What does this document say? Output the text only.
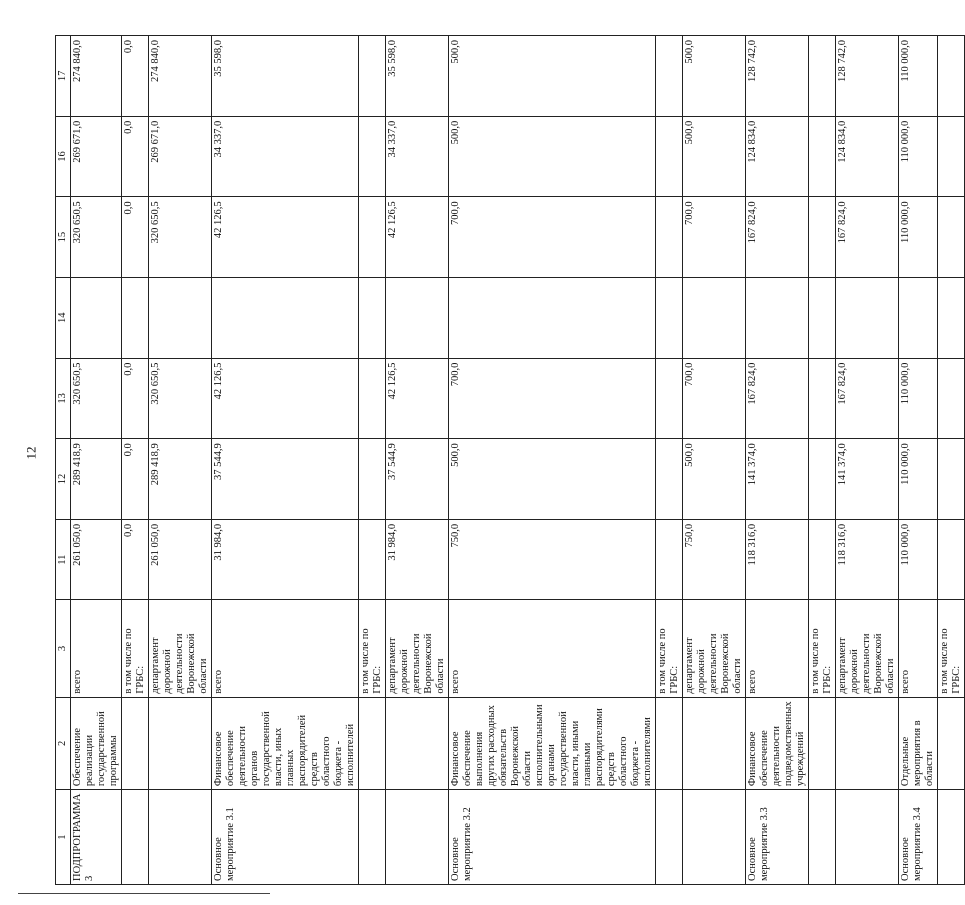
12
1	2	3	11	12	13	14	15	16	17
ПОДПРОГРАММА 3	Обеспечение реализации государственной программы	всего	261 050,0	289 418,9	320 650,5		320 650,5	269 671,0	274 840,0
		в том числе по ГРБС:	0,0	0,0	0,0		0,0	0,0	0,0
		департамент дорожной деятельности Воронежской области	261 050,0	289 418,9	320 650,5		320 650,5	269 671,0	274 840,0
Основное мероприятие 3.1	Финансовое обеспечение деятельности органов государственной власти, иных главных распорядителей средств областного бюджета - исполнителей	всего	31 984,0	37 544,9	42 126,5		42 126,5	34 337,0	35 598,0
		в том числе по ГРБС:							
		департамент дорожной деятельности Воронежской области	31 984,0	37 544,9	42 126,5		42 126,5	34 337,0	35 598,0
Основное мероприятие 3.2	Финансовое обеспечение выполнения других расходных обязательств Воронежской области исполнительными органами государственной власти, иными главными распорядителями средств областного бюджета - исполнителями	всего	750,0	500,0	700,0		700,0	500,0	500,0
		в том числе по ГРБС:							
		департамент дорожной деятельности Воронежской области	750,0	500,0	700,0		700,0	500,0	500,0
Основное мероприятие 3.3	Финансовое обеспечение деятельности подведомственных учреждений	всего	118 316,0	141 374,0	167 824,0		167 824,0	124 834,0	128 742,0
		в том числе по ГРБС:							
		департамент дорожной деятельности Воронежской области	118 316,0	141 374,0	167 824,0		167 824,0	124 834,0	128 742,0
Основное мероприятие 3.4	Отдельные мероприятия в области	всего	110 000,0	110 000,0	110 000,0		110 000,0	110 000,0	110 000,0
		в том числе по ГРБС:							
